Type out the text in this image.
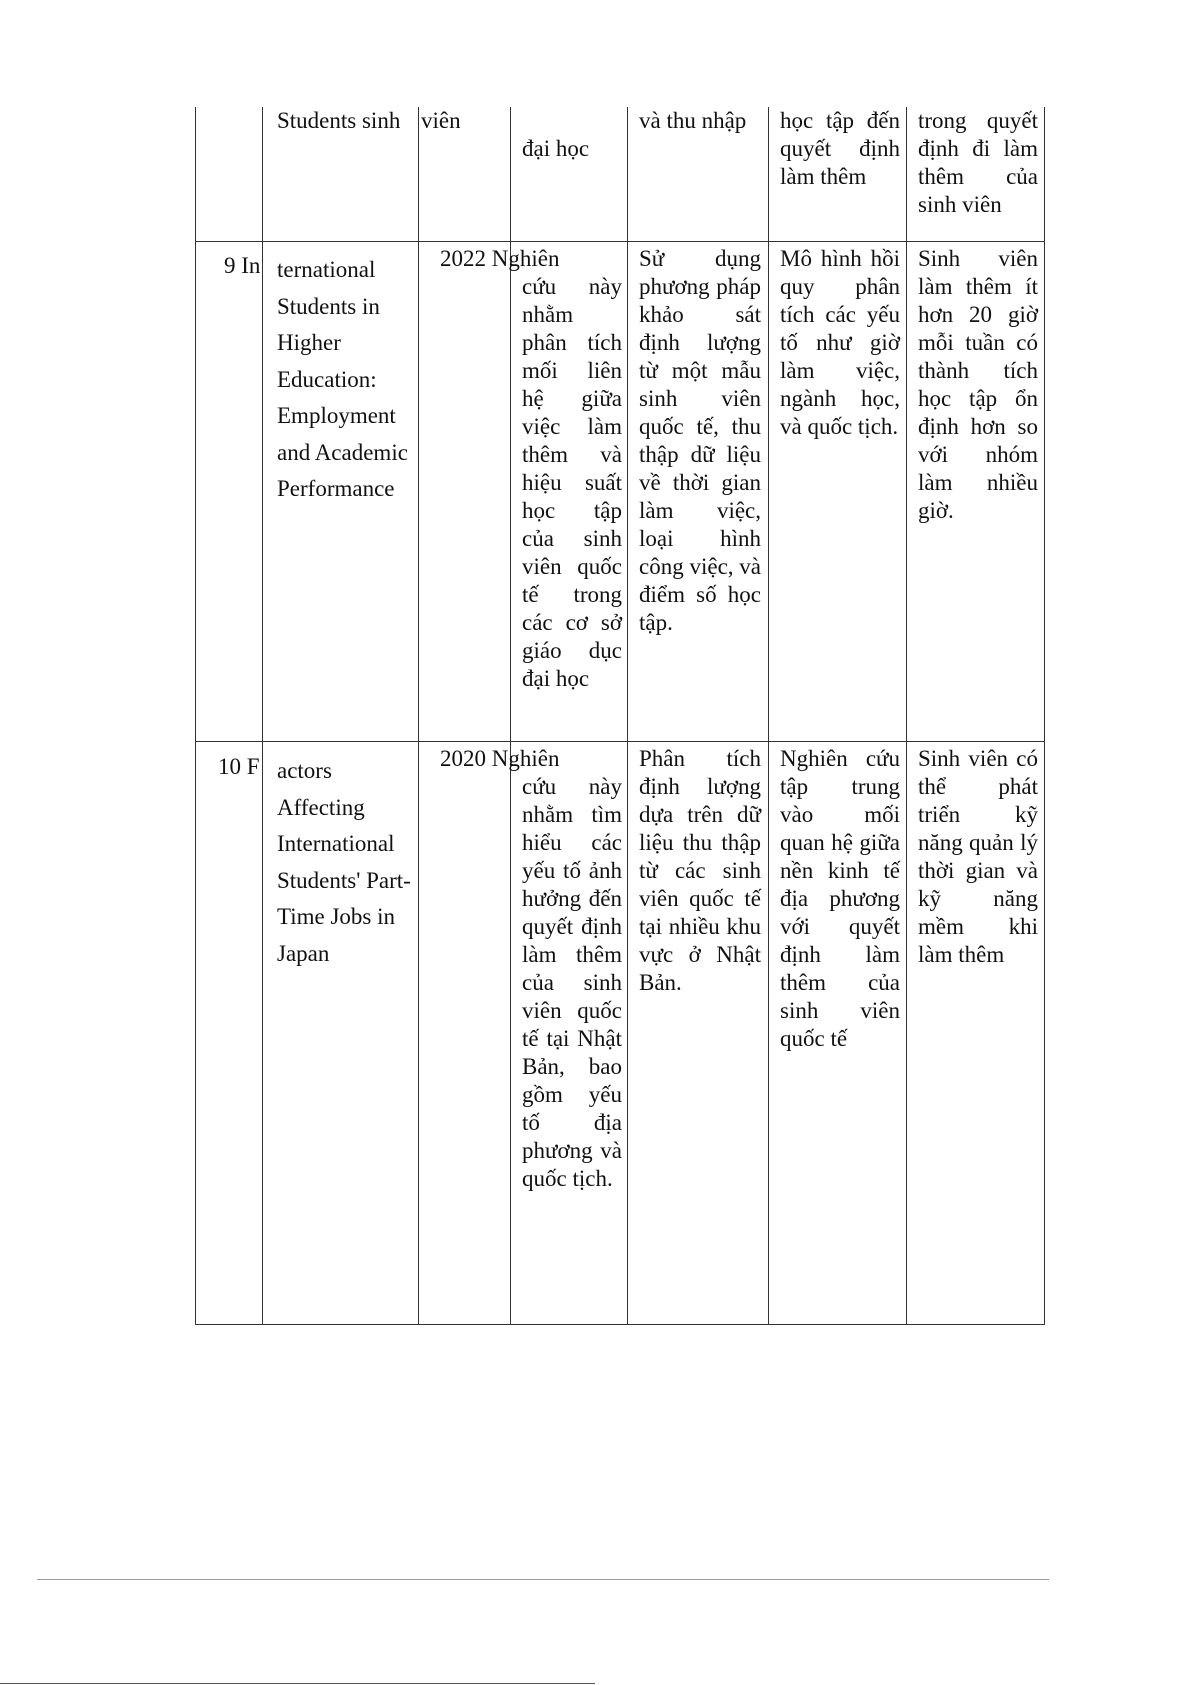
Students sinh viên
đại học
và thu nhập	học tập đến quyết định làm thêm
trong quyết định đi làm thêm của sinh viên
9 In ternational
Students in Higher Education: Employment and Academic Performance
2022 Nghiên
cứu này nhằm phân tích mối liên hệ giữa việc làm thêm và hiệu suất học tập của sinh viên quốc tế trong các cơ sở giáo dục đại học
Sử dụng phương pháp khảo sát định lượng từ một mẫu sinh viên quốc tế, thu thập dữ liệu về thời gian làm việc, loại hình công việc, và điểm số học tập.
Mô hình hồi quy phân tích các yếu tố như giờ làm việc, ngành học, và quốc tịch.
Sinh viên làm thêm ít hơn 20 giờ mỗi tuần có thành tích học tập ổn định hơn so với nhóm làm nhiều giờ.
10 F actors
Affecting International Students' Part-Time Jobs in Japan
2020 Nghiên
cứu này nhằm tìm hiểu các yếu tố ảnh hưởng đến quyết định làm thêm của sinh viên quốc tế tại Nhật Bản, bao gồm yếu tố địa phương và quốc tịch.
Phân tích định lượng dựa trên dữ liệu thu thập từ các sinh viên quốc tế tại nhiều khu vực ở Nhật Bản.
Nghiên cứu tập trung vào mối quan hệ giữa nền kinh tế địa phương với quyết định làm thêm của sinh viên quốc tế
Sinh viên có thể phát triển kỹ năng quản lý thời gian và kỹ năng mềm khi làm thêm
